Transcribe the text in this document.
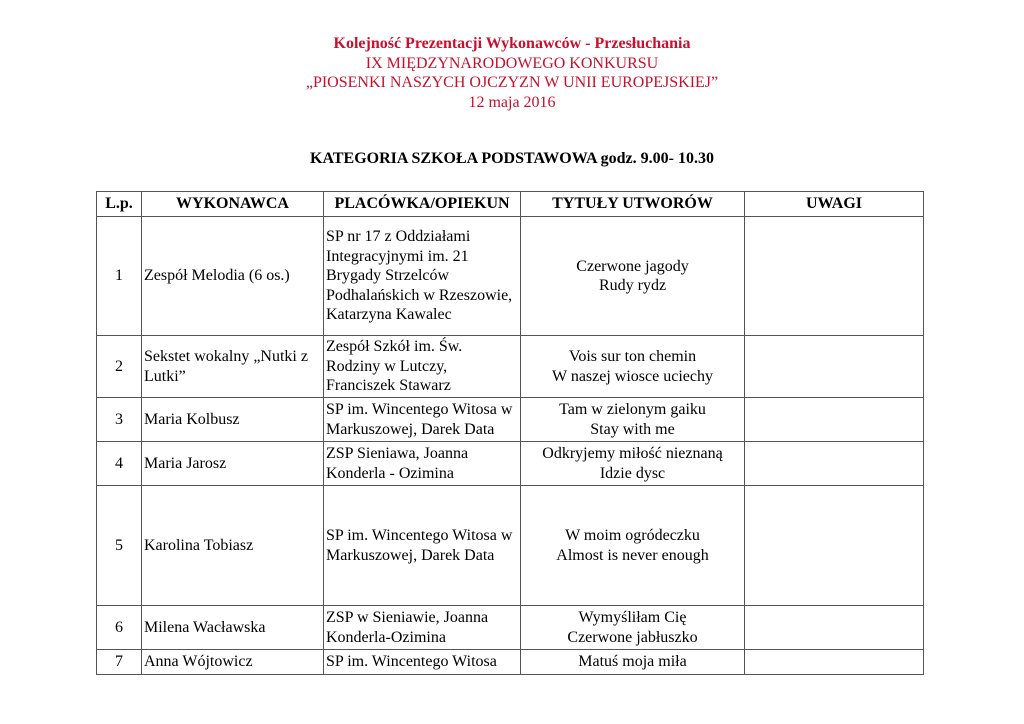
Kolejność Prezentacji Wykonawców - Przesłuchania
IX MIĘDZYNARODOWEGO KONKURSU
„PIOSENKI NASZYCH OJCZYZN W UNII EUROPEJSKIEJ”
12 maja 2016
KATEGORIA SZKOŁA PODSTAWOWA godz. 9.00- 10.30
L.p.	WYKONAWCA	PLACÓWKA/OPIEKUN	TYTUŁY UTWORÓW	UWAGI
1	Zespół Melodia (6 os.)	SP nr 17 z Oddziałami Integracyjnymi im. 21 Brygady Strzelców Podhalańskich w Rzeszowie, Katarzyna Kawalec	Czerwone jagody
Rudy rydz	

2	Sekstet wokalny „Nutki z Lutki”	Zespół Szkół im. Św. Rodziny w Lutczy, Franciszek Stawarz	Vois sur ton chemin
W naszej wiosce uciechy	

3	Maria Kolbusz	SP im. Wincentego Witosa w Markuszowej, Darek Data	Tam w zielonym gaiku
Stay with me	

4	Maria Jarosz	ZSP Sieniawa, Joanna Konderla - Ozimina	Odkryjemy miłość nieznaną
Idzie dysc	

5	Karolina Tobiasz	SP im. Wincentego Witosa w Markuszowej, Darek Data	W moim ogródeczku
Almost is never enough	

6	Milena Wacławska	ZSP w Sieniawie, Joanna Konderla-Ozimina	Wymyśliłam Cię
Czerwone jabłuszko	

7	Anna Wójtowicz	SP im. Wincentego Witosa	Matuś moja miła	
